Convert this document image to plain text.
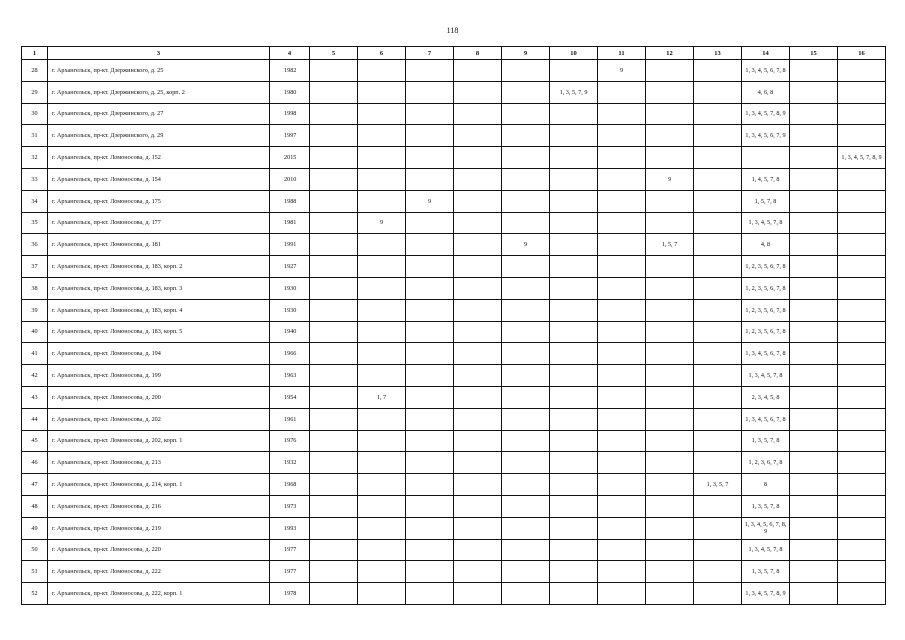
118
1	3	4	5	6	7	8	9	10	11	12	13	14	15	16
28	г. Архангельск, пр-кт. Дзержинского, д. 25	1982							9			1, 3, 4, 5, 6, 7, 8		
29	г. Архангельск, пр-кт. Дзержинского, д. 25, корп. 2	1980						1, 3, 5, 7, 9				4, 6, 8		
30	г. Архангельск, пр-кт. Дзержинского, д. 27	1998										1, 3, 4, 5, 7, 8, 9		
31	г. Архангельск, пр-кт. Дзержинского, д. 29	1997										1, 3, 4, 5, 6, 7, 9		
32	г. Архангельск, пр-кт. Ломоносова, д. 152	2015												1, 3, 4, 5, 7, 8, 9
33	г. Архангельск, пр-кт. Ломоносова, д. 154	2010								9		1, 4, 5, 7, 8		
34	г. Архангельск, пр-кт. Ломоносова, д. 175	1988			9							1, 5, 7, 8		
35	г. Архангельск, пр-кт. Ломоносова, д. 177	1981		9								1, 3, 4, 5, 7, 8		
36	г. Архангельск, пр-кт. Ломоносова, д. 181	1991					9			1, 5, 7		4, 8		
37	г. Архангельск, пр-кт. Ломоносова, д. 183, корп. 2	1927										1, 2, 3, 5, 6, 7, 8		
38	г. Архангельск, пр-кт. Ломоносова, д. 183, корп. 3	1930										1, 2, 3, 5, 6, 7, 8		
39	г. Архангельск, пр-кт. Ломоносова, д. 183, корп. 4	1930										1, 2, 3, 5, 6, 7, 8		
40	г. Архангельск, пр-кт. Ломоносова, д. 183, корп. 5	1940										1, 2, 3, 5, 6, 7, 8		
41	г. Архангельск, пр-кт. Ломоносова, д. 194	1966										1, 3, 4, 5, 6, 7, 8		
42	г. Архангельск, пр-кт. Ломоносова, д. 199	1963										1, 3, 4, 5, 7, 8		
43	г. Архангельск, пр-кт. Ломоносова, д. 200	1954		1, 7								2, 3, 4, 5, 8		
44	г. Архангельск, пр-кт. Ломоносова, д. 202	1961										1, 3, 4, 5, 6, 7, 8		
45	г. Архангельск, пр-кт. Ломоносова, д. 202, корп. 1	1976										1, 3, 5, 7, 8		
46	г. Архангельск, пр-кт. Ломоносова, д. 213	1932										1, 2, 3, 6, 7, 8		
47	г. Архангельск, пр-кт. Ломоносова, д. 214, корп. 1	1968									1, 3, 5, 7	8		
48	г. Архангельск, пр-кт. Ломоносова, д. 216	1973										1, 3, 5, 7, 8		
49	г. Архангельск, пр-кт. Ломоносова, д. 219	1993										1, 3, 4, 5, 6, 7, 8, 9		
50	г. Архангельск, пр-кт. Ломоносова, д. 220	1977										1, 3, 4, 5, 7, 8		
51	г. Архангельск, пр-кт. Ломоносова, д. 222	1977										1, 3, 5, 7, 8		
52	г. Архангельск, пр-кт. Ломоносова, д. 222, корп. 1	1978										1, 3, 4, 5, 7, 8, 9		
